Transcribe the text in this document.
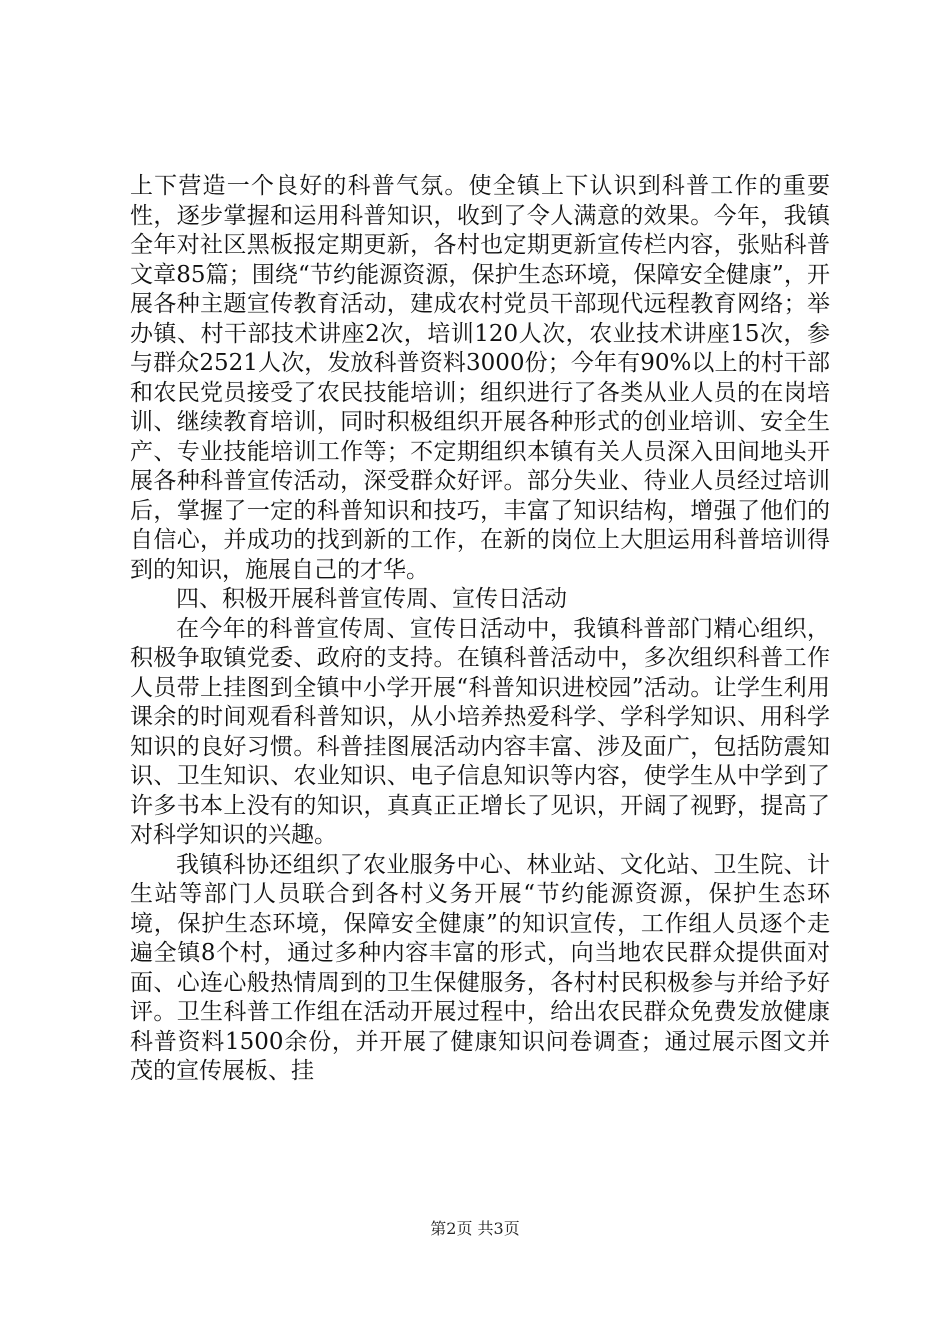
上下营造一个良好的科普气氛。使全镇上下认识到科普工作的重要性，逐步掌握和运用科普知识，收到了令人满意的效果。今年，我镇全年对社区黑板报定期更新，各村也定期更新宣传栏内容，张贴科普文章85篇；围绕“节约能源资源，保护生态环境，保障安全健康”，开展各种主题宣传教育活动，建成农村党员干部现代远程教育网络；举办镇、村干部技术讲座2次，培训120人次，农业技术讲座15次，参与群众2521人次，发放科普资料3000份；今年有90%以上的村干部和农民党员接受了农民技能培训；组织进行了各类从业人员的在岗培训、继续教育培训，同时积极组织开展各种形式的创业培训、安全生产、专业技能培训工作等；不定期组织本镇有关人员深入田间地头开展各种科普宣传活动，深受群众好评。部分失业、待业人员经过培训后，掌握了一定的科普知识和技巧，丰富了知识结构，增强了他们的自信心，并成功的找到新的工作，在新的岗位上大胆运用科普培训得到的知识，施展自己的才华。

四、积极开展科普宣传周、宣传日活动

在今年的科普宣传周、宣传日活动中，我镇科普部门精心组织，积极争取镇党委、政府的支持。在镇科普活动中，多次组织科普工作人员带上挂图到全镇中小学开展“科普知识进校园”活动。让学生利用课余的时间观看科普知识，从小培养热爱科学、学科学知识、用科学知识的良好习惯。科普挂图展活动内容丰富、涉及面广，包括防震知识、卫生知识、农业知识、电子信息知识等内容，使学生从中学到了许多书本上没有的知识，真真正正增长了见识，开阔了视野，提高了对科学知识的兴趣。

我镇科协还组织了农业服务中心、林业站、文化站、卫生院、计生站等部门人员联合到各村义务开展“节约能源资源，保护生态环境，保护生态环境，保障安全健康”的知识宣传，工作组人员逐个走遍全镇8个村，通过多种内容丰富的形式，向当地农民群众提供面对面、心连心般热情周到的卫生保健服务，各村村民积极参与并给予好评。卫生科普工作组在活动开展过程中，给出农民群众免费发放健康科普资料1500余份，并开展了健康知识问卷调查；通过展示图文并茂的宣传展板、挂

第2页 共3页
